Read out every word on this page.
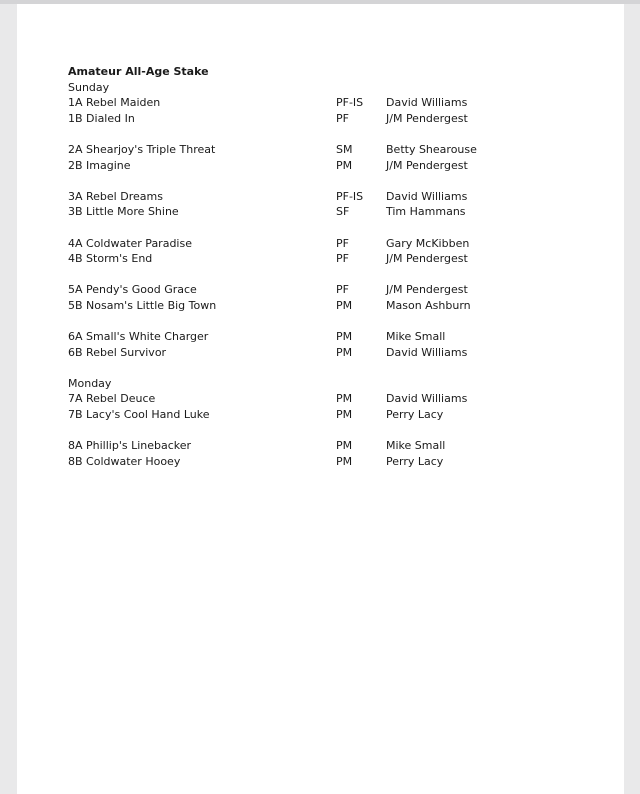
Amateur All-Age Stake
Sunday
1A Rebel Maiden	PF-IS	David Williams
1B Dialed In	PF	J/M Pendergest
2A Shearjoy's Triple Threat	SM	Betty Shearouse
2B Imagine	PM	J/M Pendergest
3A Rebel Dreams	PF-IS	David Williams
3B Little More Shine	SF	Tim Hammans
4A Coldwater Paradise	PF	Gary McKibben
4B Storm's End	PF	J/M Pendergest
5A Pendy's Good Grace	PF	J/M Pendergest
5B Nosam's Little Big Town	PM	Mason Ashburn
6A Small's White Charger	PM	Mike Small
6B Rebel Survivor	PM	David Williams
Monday
7A Rebel Deuce	PM	David Williams
7B Lacy's Cool Hand Luke	PM	Perry Lacy
8A Phillip's Linebacker	PM	Mike Small
8B Coldwater Hooey	PM	Perry Lacy
